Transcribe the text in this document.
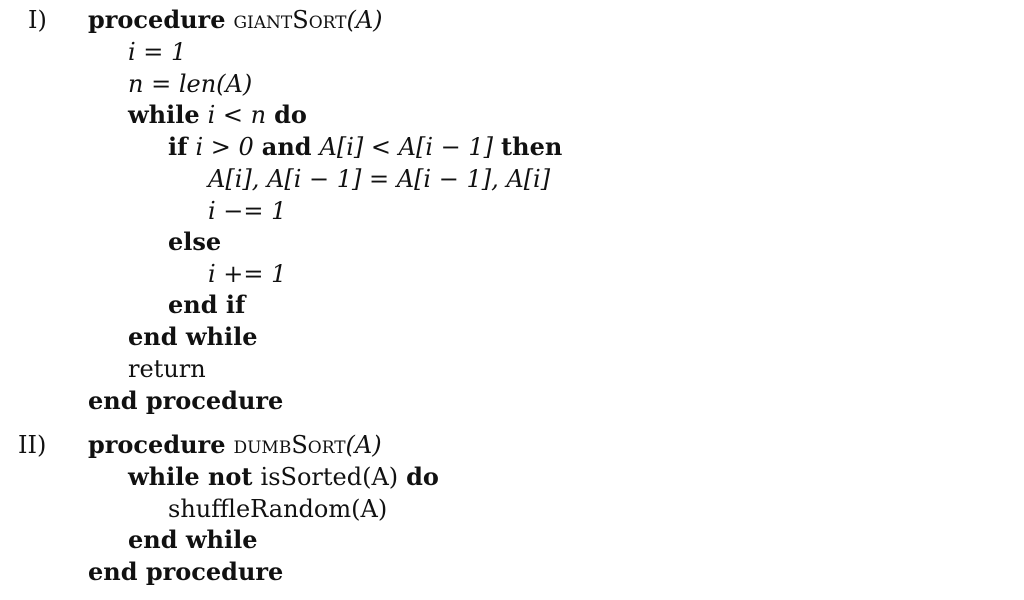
I) procedure giantSort(A)
i = 1
n = len(A)
while i < n do
if i > 0 and A[i] < A[i − 1] then
A[i], A[i − 1] = A[i − 1], A[i]
i −= 1
else
i += 1
end if
end while
return
end procedure
II) procedure dumbSort(A)
while not isSorted(A) do
shuffleRandom(A)
end while
end procedure
